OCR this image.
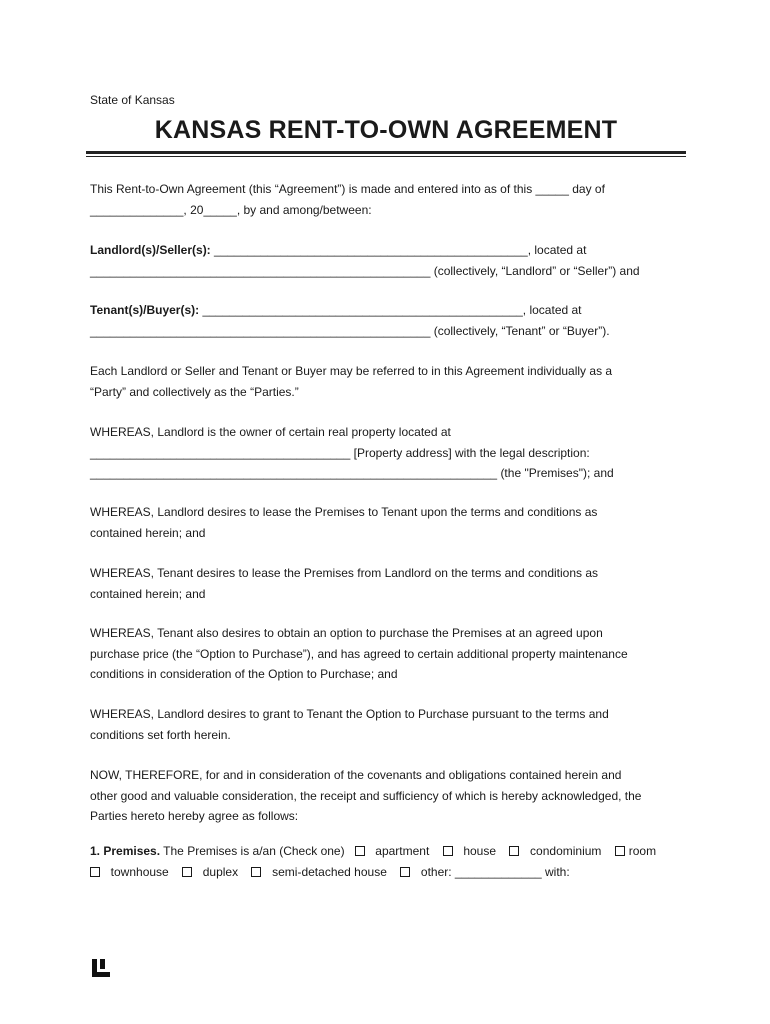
State of Kansas
KANSAS RENT-TO-OWN AGREEMENT
This Rent-to-Own Agreement (this “Agreement”) is made and entered into as of this _____ day of
______________, 20_____, by and among/between:
Landlord(s)/Seller(s): _______________________________________________, located at
___________________________________________________ (collectively, “Landlord” or “Seller”) and
Tenant(s)/Buyer(s): ________________________________________________, located at
___________________________________________________ (collectively, “Tenant” or “Buyer”).
Each Landlord or Seller and Tenant or Buyer may be referred to in this Agreement individually as a
“Party” and collectively as the “Parties.”
WHEREAS, Landlord is the owner of certain real property located at
_______________________________________ [Property address] with the legal description:
_____________________________________________________________ (the "Premises"); and
WHEREAS, Landlord desires to lease the Premises to Tenant upon the terms and conditions as
contained herein; and
WHEREAS, Tenant desires to lease the Premises from Landlord on the terms and conditions as
contained herein; and
WHEREAS, Tenant also desires to obtain an option to purchase the Premises at an agreed upon
purchase price (the “Option to Purchase”), and has agreed to certain additional property maintenance
conditions in consideration of the Option to Purchase; and
WHEREAS, Landlord desires to grant to Tenant the Option to Purchase pursuant to the terms and
conditions set forth herein.
NOW, THEREFORE, for and in consideration of the covenants and obligations contained herein and
other good and valuable consideration, the receipt and sufficiency of which is hereby acknowledged, the
Parties hereto hereby agree as follows:
1. Premises. The Premises is a/an (Check one)	apartment	house	condominium room
townhouse	duplex	semi-detached house	other: _____________ with:
